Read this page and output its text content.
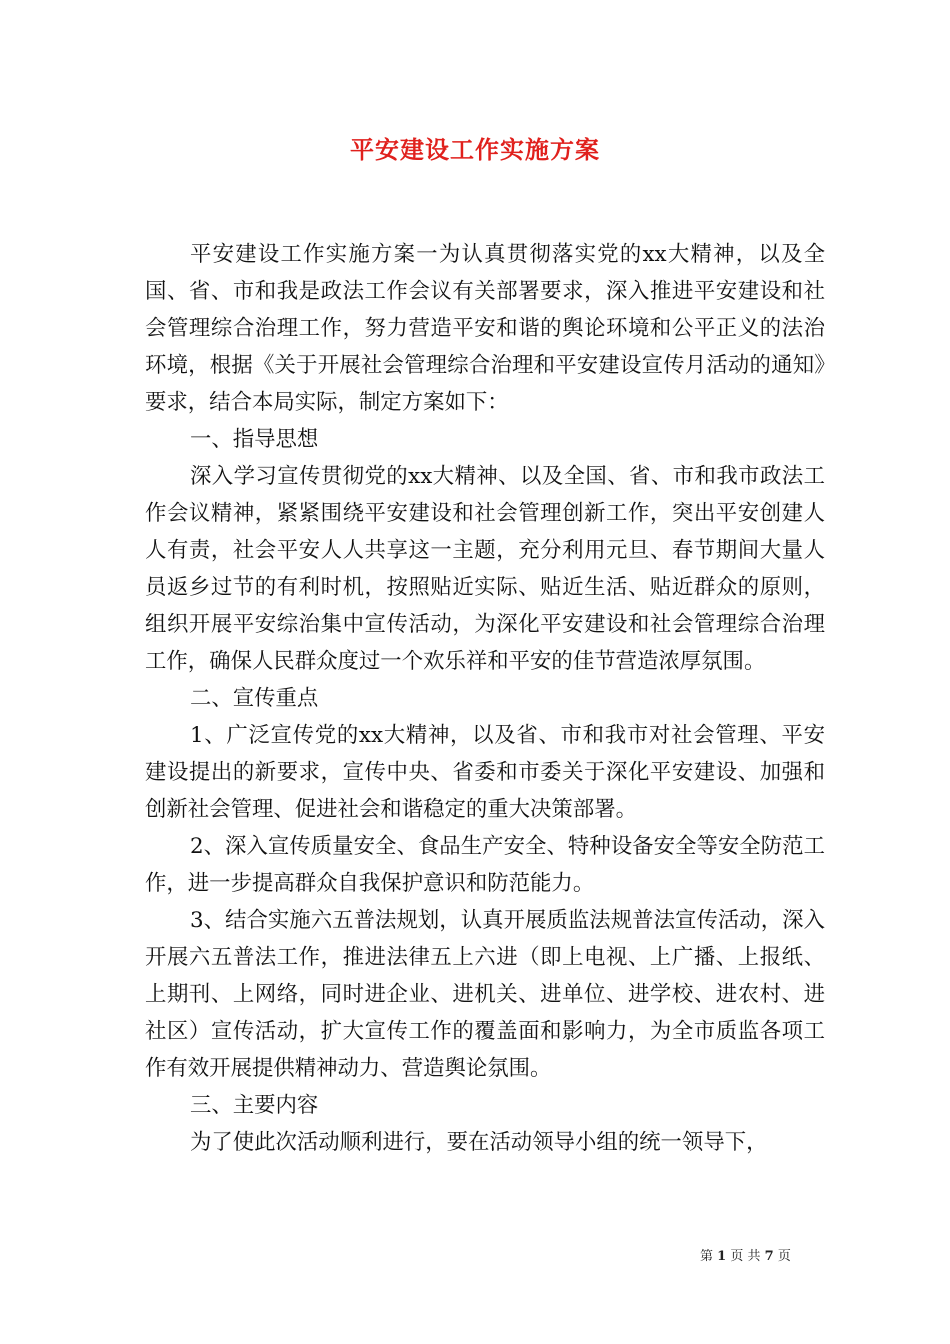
平安建设工作实施方案

平安建设工作实施方案一为认真贯彻落实党的xx大精神，以及全国、省、市和我是政法工作会议有关部署要求，深入推进平安建设和社会管理综合治理工作，努力营造平安和谐的舆论环境和公平正义的法治环境，根据《关于开展社会管理综合治理和平安建设宣传月活动的通知》要求，结合本局实际，制定方案如下：

一、指导思想

深入学习宣传贯彻党的xx大精神、以及全国、省、市和我市政法工作会议精神，紧紧围绕平安建设和社会管理创新工作，突出平安创建人人有责，社会平安人人共享这一主题，充分利用元旦、春节期间大量人员返乡过节的有利时机，按照贴近实际、贴近生活、贴近群众的原则，组织开展平安综治集中宣传活动，为深化平安建设和社会管理综合治理工作，确保人民群众度过一个欢乐祥和平安的佳节营造浓厚氛围。

二、宣传重点

1、广泛宣传党的xx大精神，以及省、市和我市对社会管理、平安建设提出的新要求，宣传中央、省委和市委关于深化平安建设、加强和创新社会管理、促进社会和谐稳定的重大决策部署。

2、深入宣传质量安全、食品生产安全、特种设备安全等安全防范工作，进一步提高群众自我保护意识和防范能力。

3、结合实施六五普法规划，认真开展质监法规普法宣传活动，深入开展六五普法工作，推进法律五上六进（即上电视、上广播、上报纸、上期刊、上网络，同时进企业、进机关、进单位、进学校、进农村、进社区）宣传活动，扩大宣传工作的覆盖面和影响力，为全市质监各项工作有效开展提供精神动力、营造舆论氛围。

三、主要内容

为了使此次活动顺利进行，要在活动领导小组的统一领导下，

第 1 页 共 7 页
